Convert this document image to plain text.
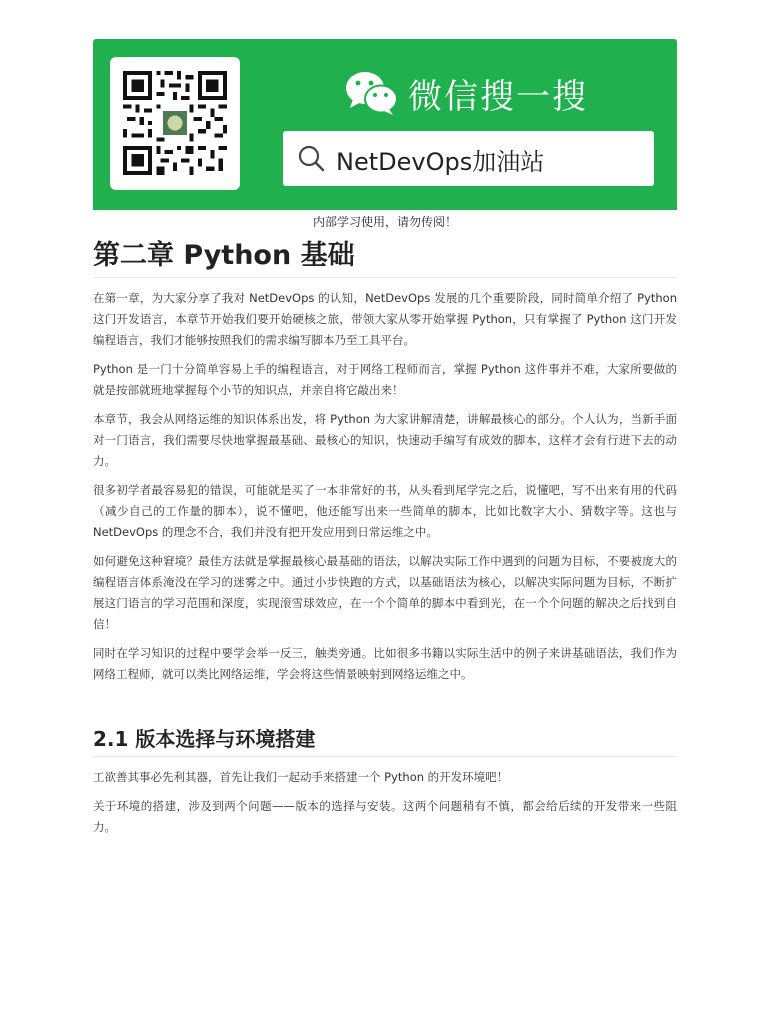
微信搜一搜
NetDevOps加油站
内部学习使用，请勿传阅！
第二章 Python 基础

在第一章，为大家分享了我对 NetDevOps 的认知，NetDevOps 发展的几个重要阶段，同时简单介绍了 Python 这门开发语言，本章节开始我们要开始硬核之旅，带领大家从零开始掌握 Python，只有掌握了 Python 这门开发编程语言，我们才能够按照我们的需求编写脚本乃至工具平台。

Python 是一门十分简单容易上手的编程语言，对于网络工程师而言，掌握 Python 这件事并不难，大家所要做的就是按部就班地掌握每个小节的知识点，并亲自将它敲出来！

本章节，我会从网络运维的知识体系出发，将 Python 为大家讲解清楚，讲解最核心的部分。个人认为，当新手面对一门语言，我们需要尽快地掌握最基础、最核心的知识，快速动手编写有成效的脚本，这样才会有行进下去的动力。

很多初学者最容易犯的错误，可能就是买了一本非常好的书，从头看到尾学完之后，说懂吧，写不出来有用的代码（减少自己的工作量的脚本），说不懂吧，他还能写出来一些简单的脚本，比如比数字大小、猜数字等。这也与 NetDevOps 的理念不合，我们并没有把开发应用到日常运维之中。

如何避免这种窘境？最佳方法就是掌握最核心最基础的语法，以解决实际工作中遇到的问题为目标，不要被庞大的编程语言体系淹没在学习的迷雾之中。通过小步快跑的方式，以基础语法为核心，以解决实际问题为目标，不断扩展这门语言的学习范围和深度，实现滚雪球效应，在一个个简单的脚本中看到光，在一个个问题的解决之后找到自信！

同时在学习知识的过程中要学会举一反三，触类旁通。比如很多书籍以实际生活中的例子来讲基础语法，我们作为网络工程师，就可以类比网络运维，学会将这些情景映射到网络运维之中。

2.1 版本选择与环境搭建

工欲善其事必先利其器，首先让我们一起动手来搭建一个 Python 的开发环境吧！

关于环境的搭建，涉及到两个问题——版本的选择与安装。这两个问题稍有不慎，都会给后续的开发带来一些阻力。
